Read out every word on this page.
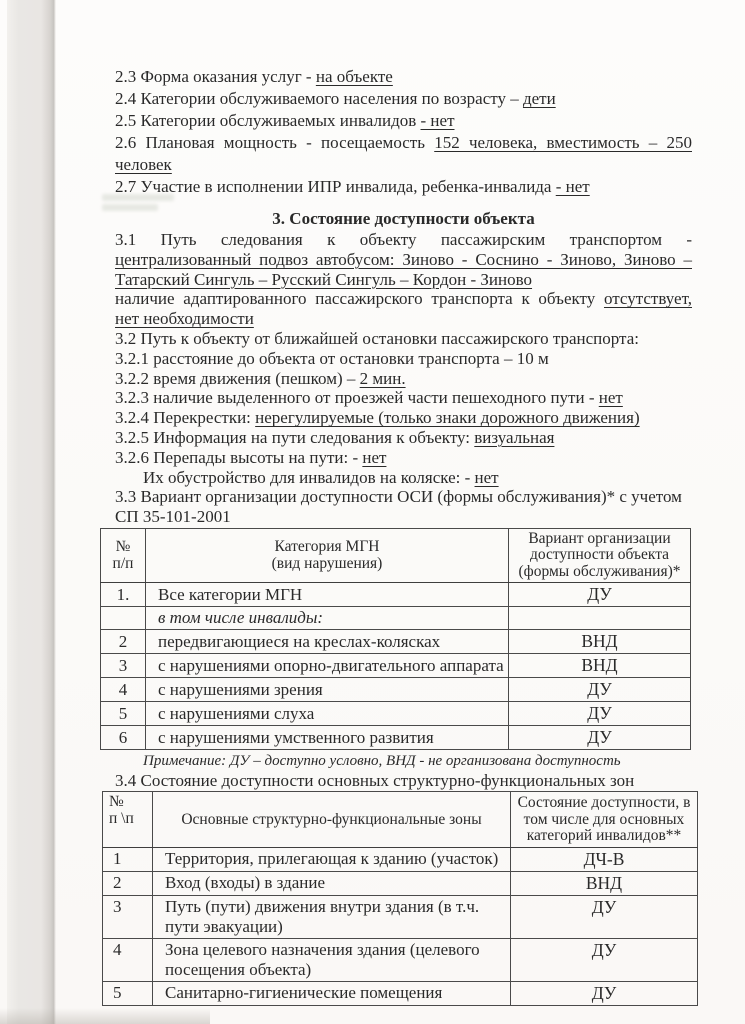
2.3 Форма оказания услуг - на объекте
2.4 Категории обслуживаемого населения по возрасту – дети
2.5 Категории обслуживаемых инвалидов - нет
2.6 Плановая мощность - посещаемость 152 человека, вместимость – 250
человек
2.7 Участие в исполнении ИПР инвалида, ребенка-инвалида - нет
3. Состояние доступности объекта
3.1 Путь следования к объекту пассажирским транспортом -
централизованный подвоз автобусом: Зиново - Соснино - Зиново, Зиново –
Татарский Сингуль – Русский Сингуль – Кордон - Зиново
наличие адаптированного пассажирского транспорта к объекту отсутствует,
нет необходимости
3.2 Путь к объекту от ближайшей остановки пассажирского транспорта:
3.2.1 расстояние до объекта от остановки транспорта – 10 м
3.2.2 время движения (пешком) – 2 мин.
3.2.3 наличие выделенного от проезжей части пешеходного пути - нет
3.2.4 Перекрестки: нерегулируемые (только знаки дорожного движения)
3.2.5 Информация на пути следования к объекту: визуальная
3.2.6 Перепады высоты на пути: - нет
Их обустройство для инвалидов на коляске: - нет
3.3 Вариант организации доступности ОСИ (формы обслуживания)* с учетом
СП 35-101-2001
№
п/п

Категория МГН
(вид нарушения)

Вариант организации
доступности объекта
(формы обслуживания)*

1.	Все категории МГН	ДУ
	в том числе инвалиды:	
2	передвигающиеся на креслах-колясках	ВНД
3	с нарушениями опорно-двигательного аппарата	ВНД
4	с нарушениями зрения	ДУ
5	с нарушениями слуха	ДУ
6	с нарушениями умственного развития	ДУ
Примечание: ДУ – доступно условно, ВНД - не организована доступность
3.4 Состояние доступности основных структурно-функциональных зон
№
п \п	Основные структурно-функциональные зоны

Состояние доступности, в
том числе для основных
категорий инвалидов**

1	Территория, прилегающая к зданию (участок)	ДЧ-В
2	Вход (входы) в здание	ВНД
3	Путь (пути) движения внутри здания (в т.ч. пути эвакуации)	ДУ
4	Зона целевого назначения здания (целевого посещения объекта)	ДУ
5	Санитарно-гигиенические помещения	ДУ
